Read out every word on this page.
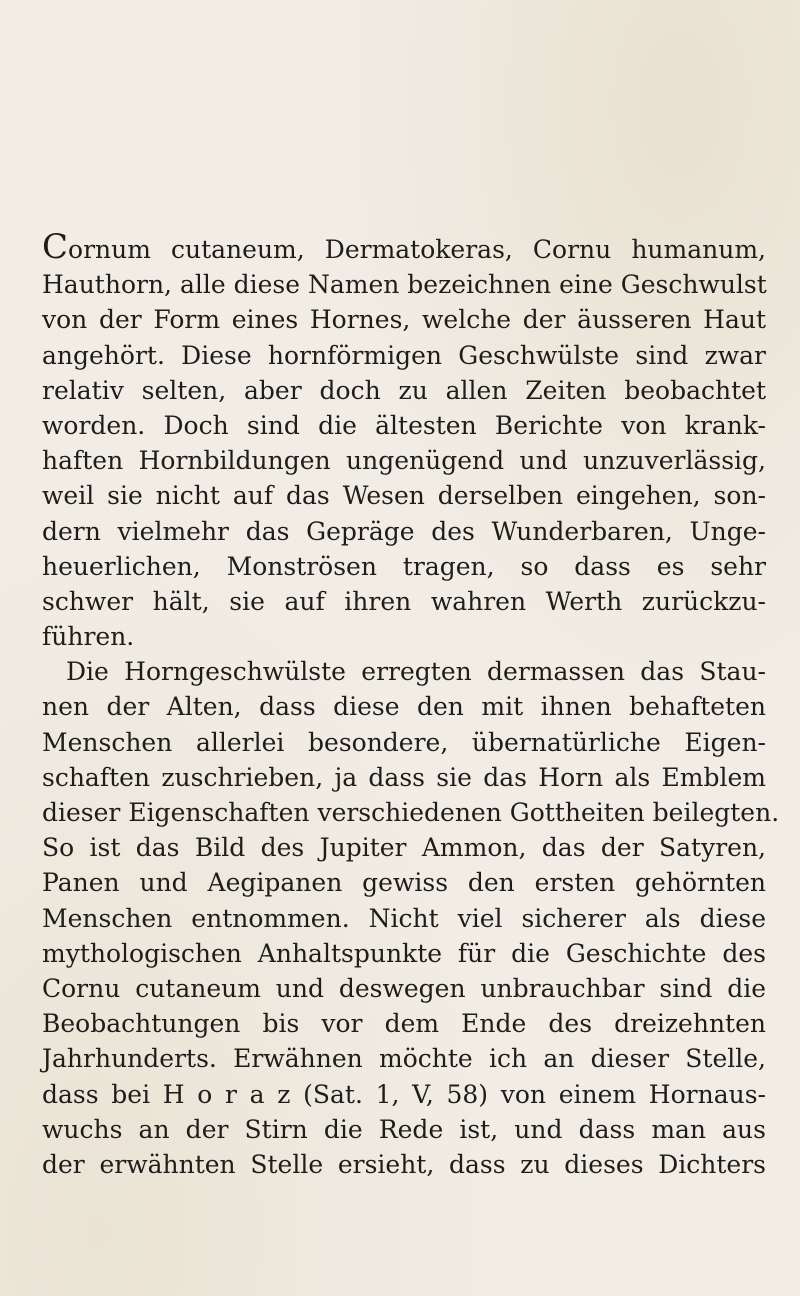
Cornum cutaneum, Dermatokeras, Cornu humanum,
Hauthorn, alle diese Namen bezeichnen eine Geschwulst
von der Form eines Hornes, welche der äusseren Haut
angehört. Diese hornförmigen Geschwülste sind zwar
relativ selten, aber doch zu allen Zeiten beobachtet
worden. Doch sind die ältesten Berichte von krank-
haften Hornbildungen ungenügend und unzuverlässig,
weil sie nicht auf das Wesen derselben eingehen, son-
dern vielmehr das Gepräge des Wunderbaren, Unge-
heuerlichen, Monströsen tragen, so dass es sehr
schwer hält, sie auf ihren wahren Werth zurückzu-
führen.
Die Horngeschwülste erregten dermassen das Stau-
nen der Alten, dass diese den mit ihnen behafteten
Menschen allerlei besondere, übernatürliche Eigen-
schaften zuschrieben, ja dass sie das Horn als Emblem
dieser Eigenschaften verschiedenen Gottheiten beilegten.
So ist das Bild des Jupiter Ammon, das der Satyren,
Panen und Aegipanen gewiss den ersten gehörnten
Menschen entnommen. Nicht viel sicherer als diese
mythologischen Anhaltspunkte für die Geschichte des
Cornu cutaneum und deswegen unbrauchbar sind die
Beobachtungen bis vor dem Ende des dreizehnten
Jahrhunderts. Erwähnen möchte ich an dieser Stelle,
dass bei H o r a z (Sat. 1, V, 58) von einem Hornaus-
wuchs an der Stirn die Rede ist, und dass man aus
der erwähnten Stelle ersieht, dass zu dieses Dichters
